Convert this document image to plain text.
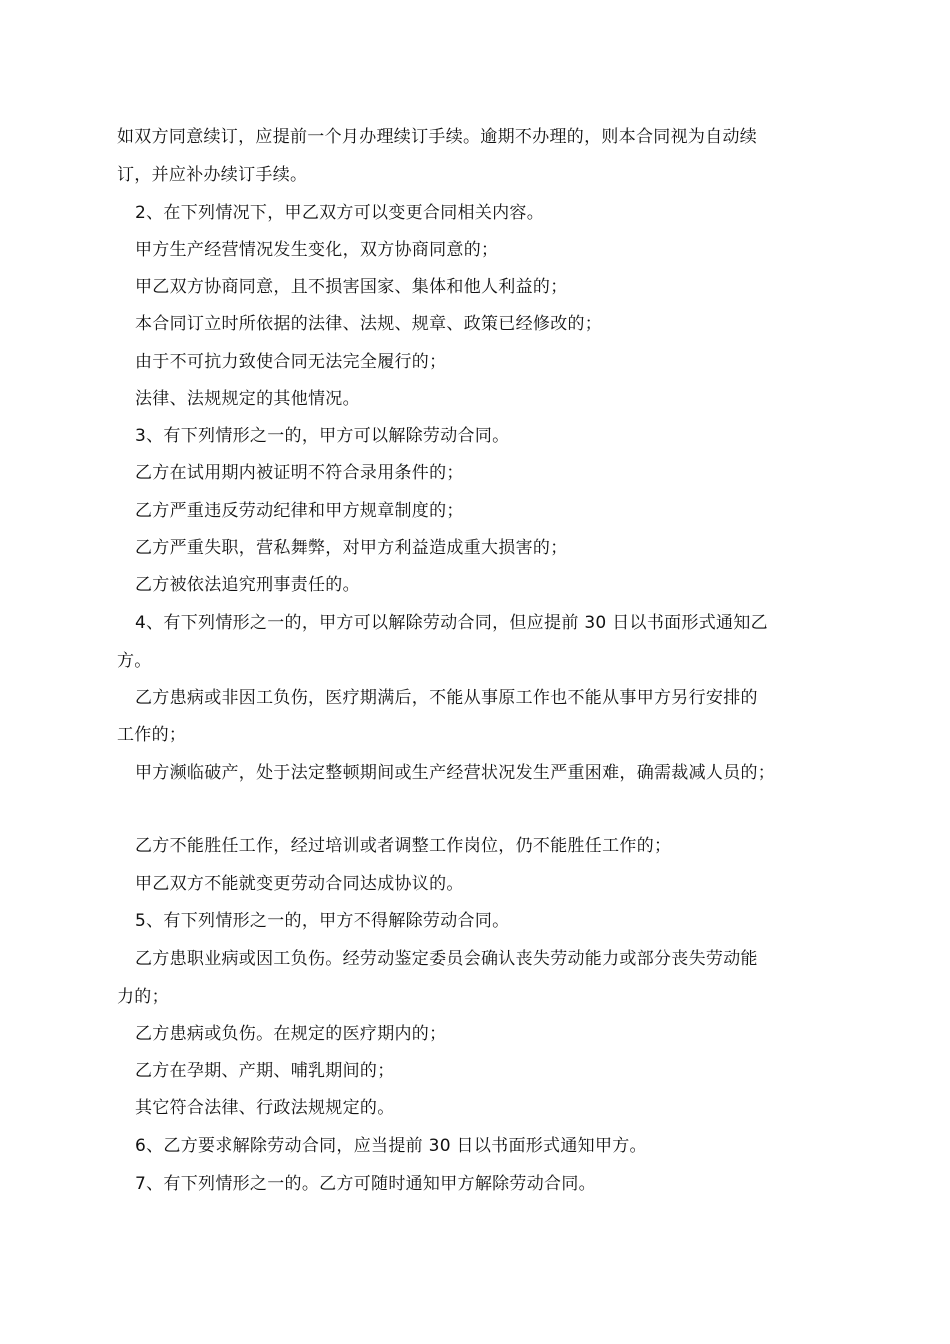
如双方同意续订，应提前一个月办理续订手续。逾期不办理的，则本合同视为自动续
订，并应补办续订手续。
2、在下列情况下，甲乙双方可以变更合同相关内容。
甲方生产经营情况发生变化，双方协商同意的；
甲乙双方协商同意，且不损害国家、集体和他人利益的；
本合同订立时所依据的法律、法规、规章、政策已经修改的；
由于不可抗力致使合同无法完全履行的；
法律、法规规定的其他情况。
3、有下列情形之一的，甲方可以解除劳动合同。
乙方在试用期内被证明不符合录用条件的；
乙方严重违反劳动纪律和甲方规章制度的；
乙方严重失职，营私舞弊，对甲方利益造成重大损害的；
乙方被依法追究刑事责任的。
4、有下列情形之一的，甲方可以解除劳动合同，但应提前 30 日以书面形式通知乙
方。
乙方患病或非因工负伤，医疗期满后，不能从事原工作也不能从事甲方另行安排的
工作的；
甲方濒临破产，处于法定整顿期间或生产经营状况发生严重困难，确需裁减人员的；
乙方不能胜任工作，经过培训或者调整工作岗位，仍不能胜任工作的；
甲乙双方不能就变更劳动合同达成协议的。
5、有下列情形之一的，甲方不得解除劳动合同。
乙方患职业病或因工负伤。经劳动鉴定委员会确认丧失劳动能力或部分丧失劳动能
力的；
乙方患病或负伤。在规定的医疗期内的；
乙方在孕期、产期、哺乳期间的；
其它符合法律、行政法规规定的。
6、乙方要求解除劳动合同，应当提前 30 日以书面形式通知甲方。
7、有下列情形之一的。乙方可随时通知甲方解除劳动合同。
